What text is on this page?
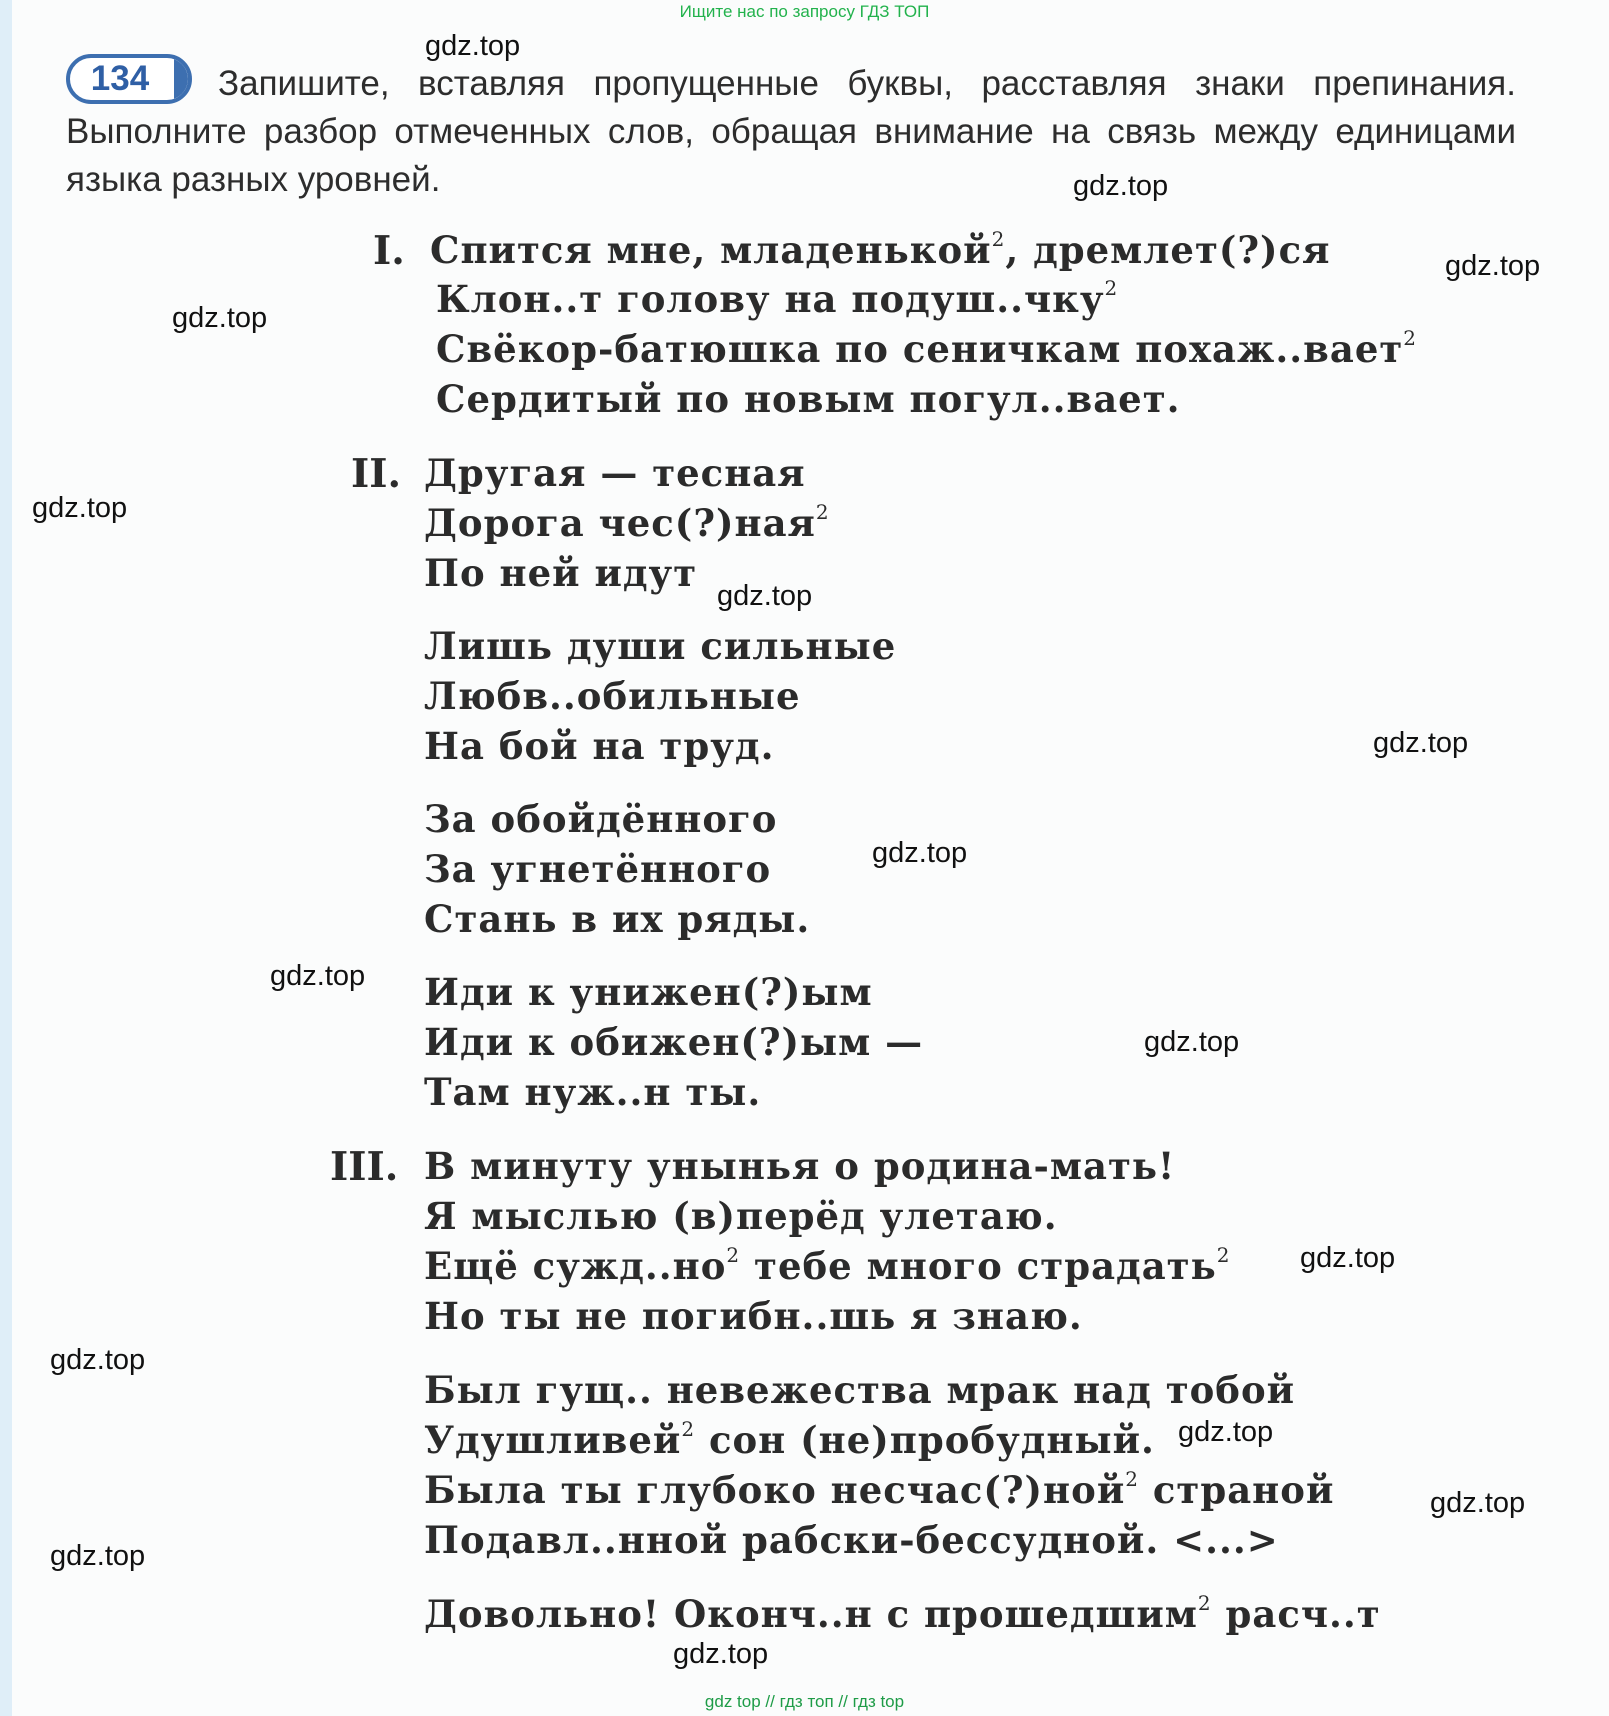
Ищите нас по запросу ГДЗ ТОП
134	Запишите, вставляя пропущенные буквы, расставляя знаки препинания. Выполните разбор отмеченных слов, обращая внимание на связь между единицами языка разных уровней.
I. Спится мне, младенькой$^2$, дремлет(?)ся

Клон..т голову на подуш..чку$^2$

Свёкор-батюшка по сеничкам похаж..вает$^2$

Сердитый по новым погул..вает.

II. Другая — тесная

Дорога чес(?)ная$^2$

По ней идут

Лишь души сильные

Любв..обильные

На бой на труд.

За обойдённого

За угнетённого

Стань в их ряды.

Иди к унижен(?)ым

Иди к обижен(?)ым —

Там нуж..н ты.

III. В минуту унынья о родина-мать!

Я мыслью (в)перёд улетаю.

Ещё $сужд..но^2$ тебе много страдать$^2$

Но ты не погибн..шь я знаю.

Был гущ.. невежества мрак над тобой

Удушливей$^2$ сон (не)пробудный.

Была ты глубоко несчас(?)ной$^2$ страной

Подавл..нной рабски-бессудной. <...>

Довольно! Оконч..н с прошедшим$^2$ расч..т

gdz.top
gdz.top
gdz.top
gdz.top
gdz.top
gdz.top
gdz.top
gdz.top
gdz.top
gdz.top
gdz.top
gdz.top
gdz.top
gdz.top
gdz.top
gdz.top
gdz top // гдз топ // гдз top
